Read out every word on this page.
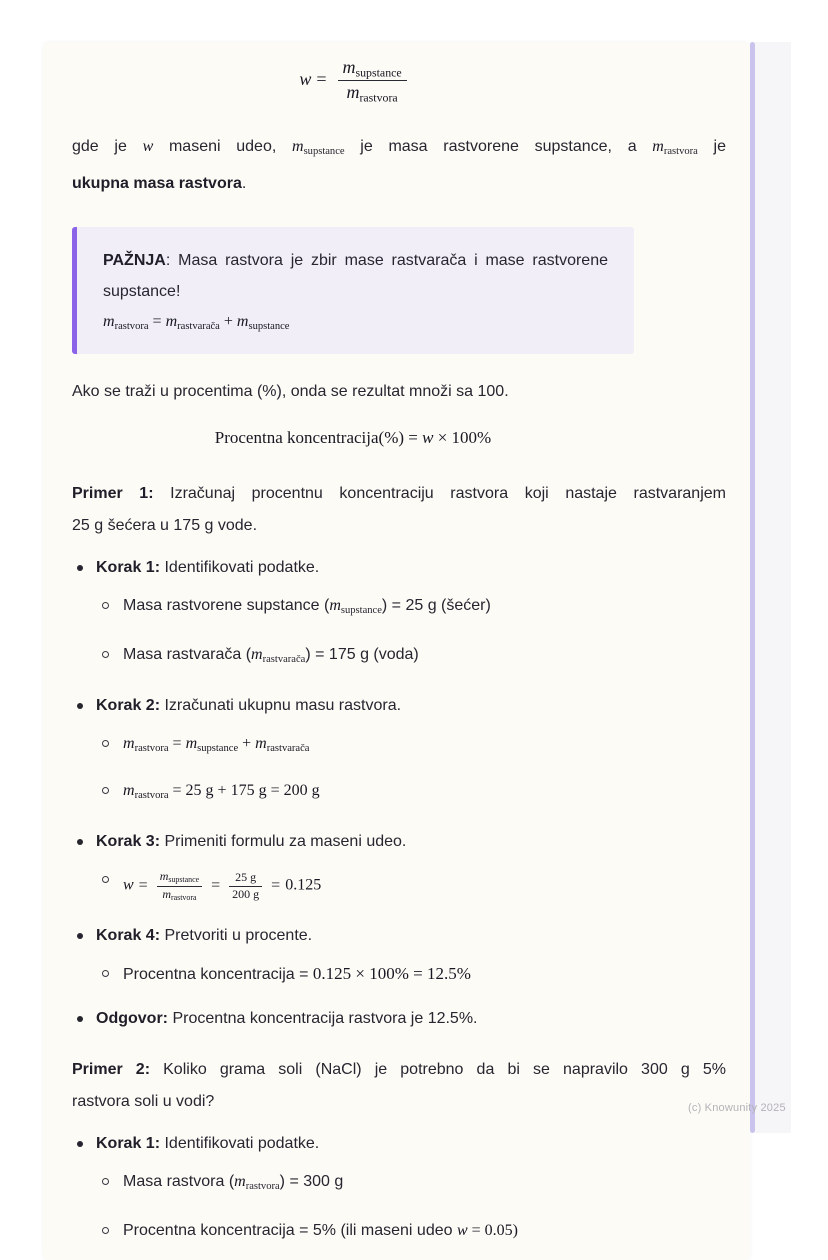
$w = \frac{\text{msupstance}}{\text{mrastvora}}$
gde je w maseni udeo, msupstance je masa rastvorene supstance, a mrastvora je
ukupna masa rastvora.
PAŽNJA: Masa rastvora je zbir mase rastvarača i mase rastvorene
supstance!
mrastvora = mrastvarača + msupstance
Ako se traži u procentima (%), onda se rezultat množi sa 100.
Procentna koncentracija(%) = w × 100%
Primer 1: Izračunaj procentnu koncentraciju rastvora koji nastaje rastvaranjem
25 g šećera u 175 g vode.
Korak 1: Identifikovati podatke.
Masa rastvorene supstance (msupstance) = 25 g (šećer)
Masa rastvarača (mrastvarača) = 175 g (voda)
Korak 2: Izračunati ukupnu masu rastvora.
mrastvora = msupstance + mrastvarača
mrastvora = 25 g + 175 g = 200 g
Korak 3: Primeniti formulu za maseni udeo.
$w = \frac{\text{msupstance}}{\text{mrastvora}} = \frac{25 g}{200 g} = 0.125$
Korak 4: Pretvoriti u procente.
Procentna koncentracija = 0.125 × 100% = 12.5%
Odgovor: Procentna koncentracija rastvora je 12.5%.
Primer 2: Koliko grama soli (NaCl) je potrebno da bi se napravilo 300 g 5%
rastvora soli u vodi?
Korak 1: Identifikovati podatke.
Masa rastvora (mrastvora) = 300 g
Procentna koncentracija = 5% (ili maseni udeo w = 0.05)
(c) Knowunity 2025
